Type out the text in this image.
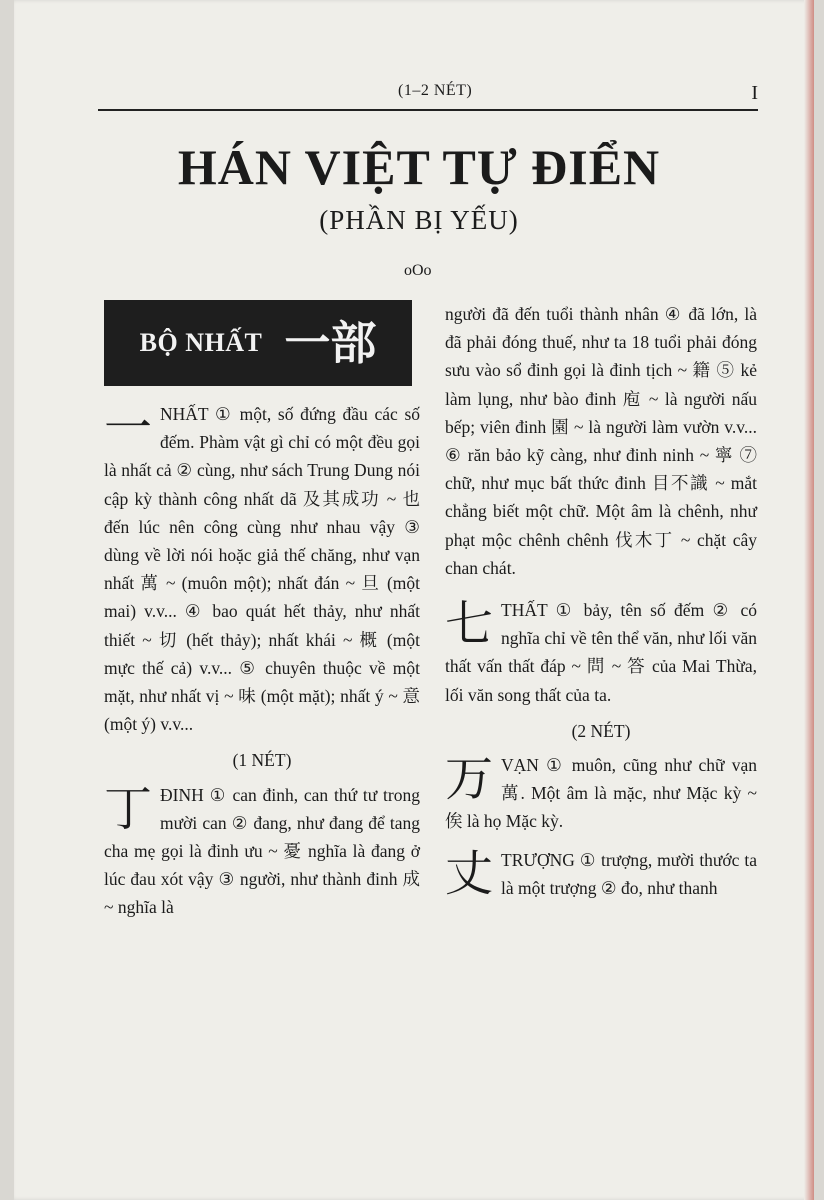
(1–2 NÉT)	I
HÁN VIỆT TỰ ĐIỂN
(PHẦN BỊ YẾU)
oOo
BỘ NHẤT 一部
一 NHẤT ① một, số đứng đầu các số đếm. Phàm vật gì chỉ có một đều gọi là nhất cả ② cùng, như sách Trung Dung nói cập kỳ thành công nhất dã 及其成功 ~ 也 đến lúc nên công cùng như nhau vậy ③ dùng về lời nói hoặc giả thế chăng, như vạn nhất 萬 ~ (muôn một); nhất đán ~ 旦 (một mai) v.v... ④ bao quát hết thảy, như nhất thiết ~ 切 (hết thảy); nhất khái ~ 概 (một mực thế cả) v.v... ⑤ chuyên thuộc về một mặt, như nhất vị ~ 味 (một mặt); nhất ý ~ 意 (một ý) v.v...

(1 NÉT)
丁 ĐINH ① can đinh, can thứ tư trong mười can ② đang, như đang để tang cha mẹ gọi là đinh ưu ~ 憂 nghĩa là đang ở lúc đau xót vậy ③ người, như thành đinh 成 ~ nghĩa là

người đã đến tuổi thành nhân ④ đã lớn, là đã phải đóng thuế, như ta 18 tuổi phải đóng sưu vào sổ đinh gọi là đinh tịch ~ 籍 ⑤ kẻ làm lụng, như bào đinh 庖 ~ là người nấu bếp; viên đinh 園 ~ là người làm vườn v.v... ⑥ răn bảo kỹ càng, như đinh ninh ~ 寧 ⑦ chữ, như mục bất thức đinh 目不識 ~ mắt chẳng biết một chữ. Một âm là chênh, như phạt mộc chênh chênh 伐木丁 ~ chặt cây chan chát.

七 THẤT ① bảy, tên số đếm ② có nghĩa chỉ về tên thể văn, như lối văn thất vấn thất đáp ~ 問 ~ 答 của Mai Thừa, lối văn song thất của ta.

(2 NÉT)
万 VẠN ① muôn, cũng như chữ vạn 萬. Một âm là mặc, như Mặc kỳ ~ 俟 là họ Mặc kỳ.

丈 TRƯỢNG ① trượng, mười thước ta là một trượng ② đo, như thanh
